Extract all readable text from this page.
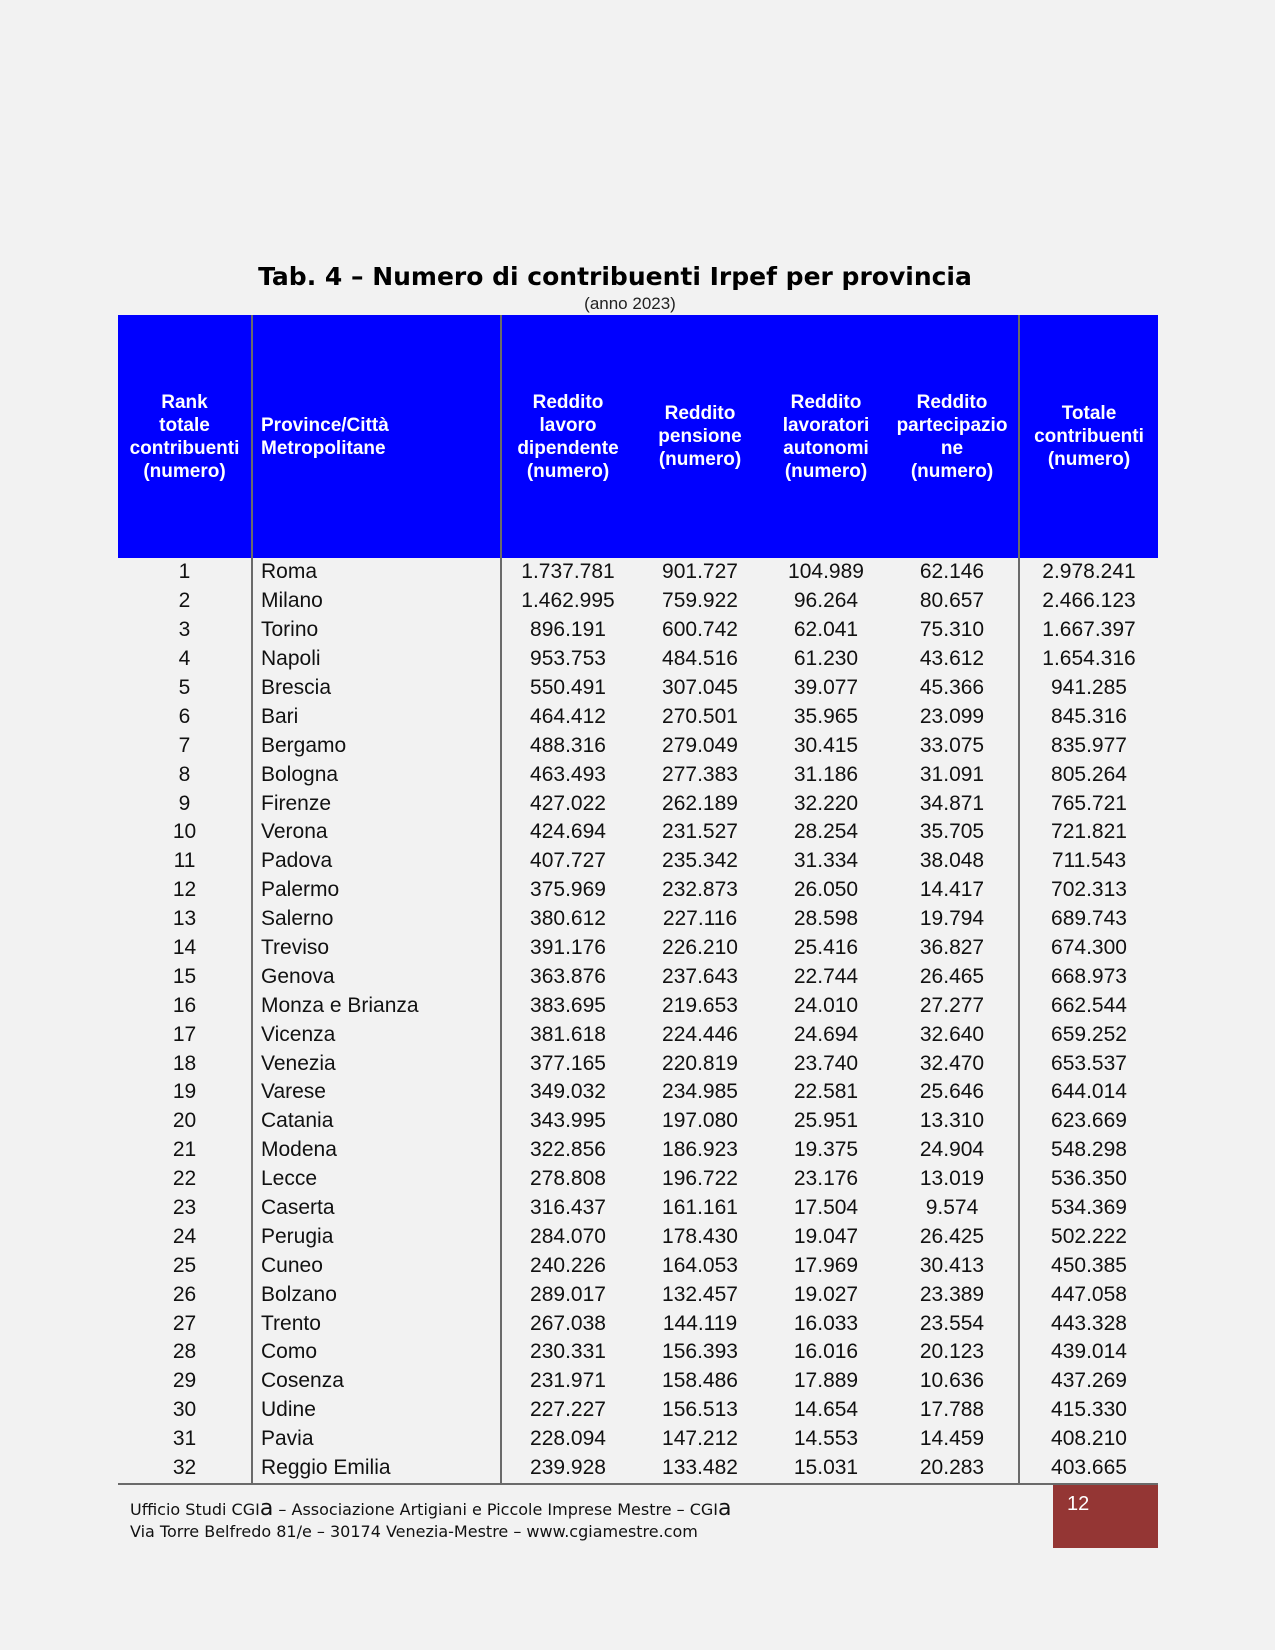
Tab. 4 – Numero di contribuenti Irpef per provincia
(anno 2023)
Rank
totale
contribuenti
(numero)	Province/Città
Metropolitane	Reddito
lavoro
dipendente
(numero)	Reddito
pensione
(numero)	Reddito
lavoratori
autonomi
(numero)	Reddito
partecipazio
ne
(numero)	Totale
contribuenti
(numero)
1	Roma	1.737.781	901.727	104.989	62.146	2.978.241
2	Milano	1.462.995	759.922	96.264	80.657	2.466.123
3	Torino	896.191	600.742	62.041	75.310	1.667.397
4	Napoli	953.753	484.516	61.230	43.612	1.654.316
5	Brescia	550.491	307.045	39.077	45.366	941.285
6	Bari	464.412	270.501	35.965	23.099	845.316
7	Bergamo	488.316	279.049	30.415	33.075	835.977
8	Bologna	463.493	277.383	31.186	31.091	805.264
9	Firenze	427.022	262.189	32.220	34.871	765.721
10	Verona	424.694	231.527	28.254	35.705	721.821
11	Padova	407.727	235.342	31.334	38.048	711.543
12	Palermo	375.969	232.873	26.050	14.417	702.313
13	Salerno	380.612	227.116	28.598	19.794	689.743
14	Treviso	391.176	226.210	25.416	36.827	674.300
15	Genova	363.876	237.643	22.744	26.465	668.973
16	Monza e Brianza	383.695	219.653	24.010	27.277	662.544
17	Vicenza	381.618	224.446	24.694	32.640	659.252
18	Venezia	377.165	220.819	23.740	32.470	653.537
19	Varese	349.032	234.985	22.581	25.646	644.014
20	Catania	343.995	197.080	25.951	13.310	623.669
21	Modena	322.856	186.923	19.375	24.904	548.298
22	Lecce	278.808	196.722	23.176	13.019	536.350
23	Caserta	316.437	161.161	17.504	9.574	534.369
24	Perugia	284.070	178.430	19.047	26.425	502.222
25	Cuneo	240.226	164.053	17.969	30.413	450.385
26	Bolzano	289.017	132.457	19.027	23.389	447.058
27	Trento	267.038	144.119	16.033	23.554	443.328
28	Como	230.331	156.393	16.016	20.123	439.014
29	Cosenza	231.971	158.486	17.889	10.636	437.269
30	Udine	227.227	156.513	14.654	17.788	415.330
31	Pavia	228.094	147.212	14.553	14.459	408.210
32	Reggio Emilia	239.928	133.482	15.031	20.283	403.665
Ufficio Studi CGIa – Associazione Artigiani e Piccole Imprese Mestre – CGIa
Via Torre Belfredo 81/e – 30174 Venezia-Mestre – www.cgiamestre.com
12
